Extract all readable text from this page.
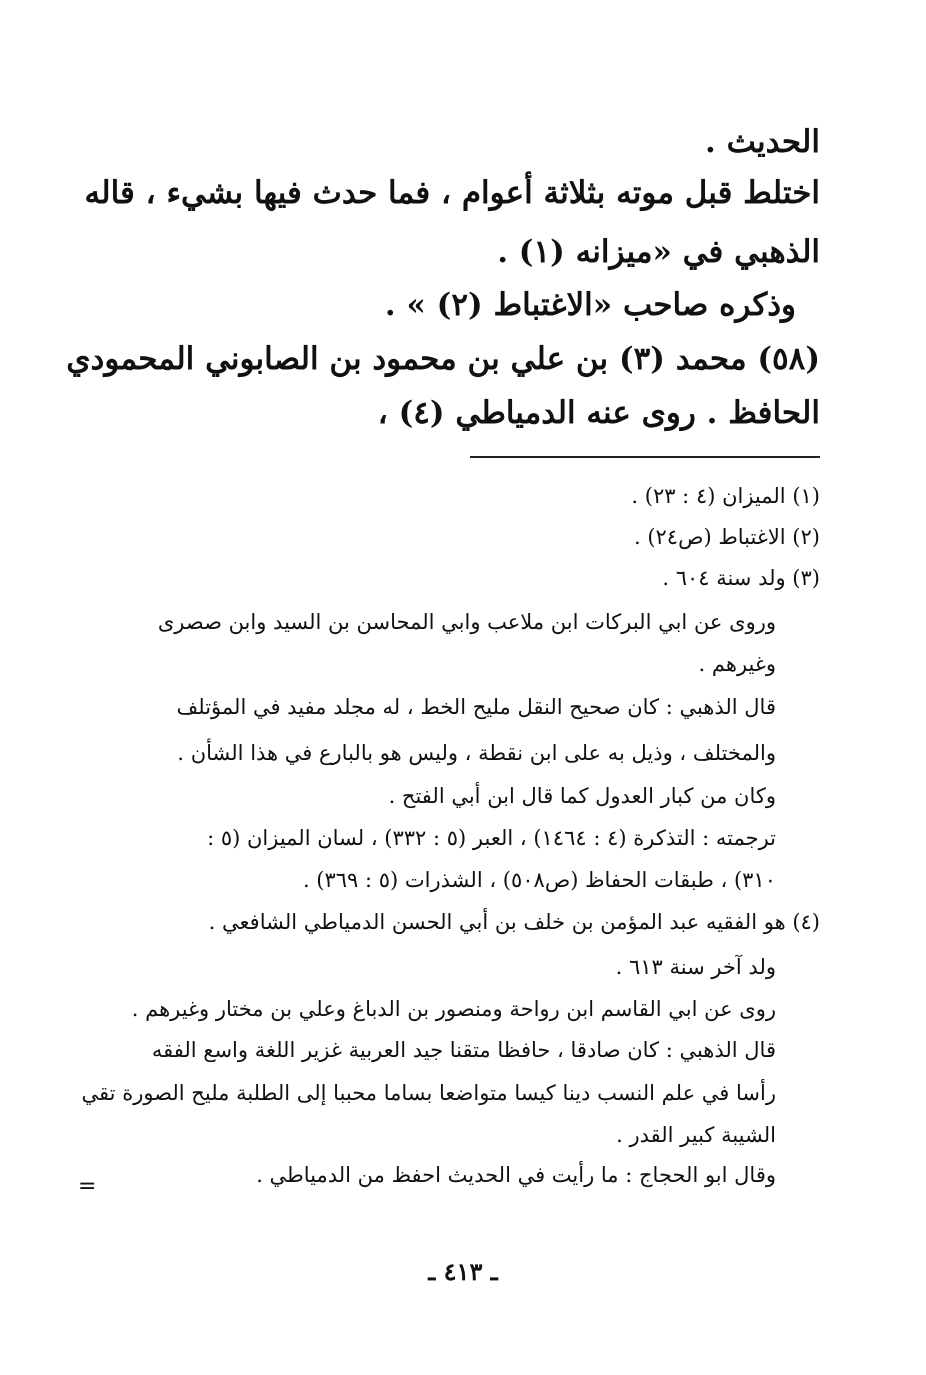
الحديث .
اختلط قبل موته بثلاثة أعوام ، فما حدث فيها بشيء ، قاله
الذهبي في «ميزانه (١) .
وذكره صاحب «الاغتباط (٢) » .
(٥٨) محمد (٣) بن علي بن محمود بن الصابوني المحمودي
الحافظ . روى عنه الدمياطي (٤) ،
(١) الميزان (٤ : ٢٣) .
(٢) الاغتباط (ص٢٤) .
(٣) ولد سنة ٦٠٤ .
وروى عن ابي البركات ابن ملاعب وابي المحاسن بن السيد وابن صصرى
وغيرهم .
قال الذهبي : كان صحيح النقل مليح الخط ، له مجلد مفيد في المؤتلف
والمختلف ، وذيل به على ابن نقطة ، وليس هو بالبارع في هذا الشأن .
وكان من كبار العدول كما قال ابن أبي الفتح .
ترجمته : التذكرة (٤ : ١٤٦٤) ، العبر (٥ : ٣٣٢) ، لسان الميزان (٥ :
٣١٠) ، طبقات الحفاظ (ص٥٠٨) ، الشذرات (٥ : ٣٦٩) .
(٤) هو الفقيه عبد المؤمن بن خلف بن أبي الحسن الدمياطي الشافعي .
ولد آخر سنة ٦١٣ .
روى عن ابي القاسم ابن رواحة ومنصور بن الدباغ وعلي بن مختار وغيرهم .
قال الذهبي : كان صادقا ، حافظا متقنا جيد العربية غزير اللغة واسع الفقه
رأسا في علم النسب دينا كيسا متواضعا بساما محببا إلى الطلبة مليح الصورة تقي
الشيبة كبير القدر .
وقال ابو الحجاج : ما رأيت في الحديث احفظ من الدمياطي .
=
ـ ٤١٣ ـ
